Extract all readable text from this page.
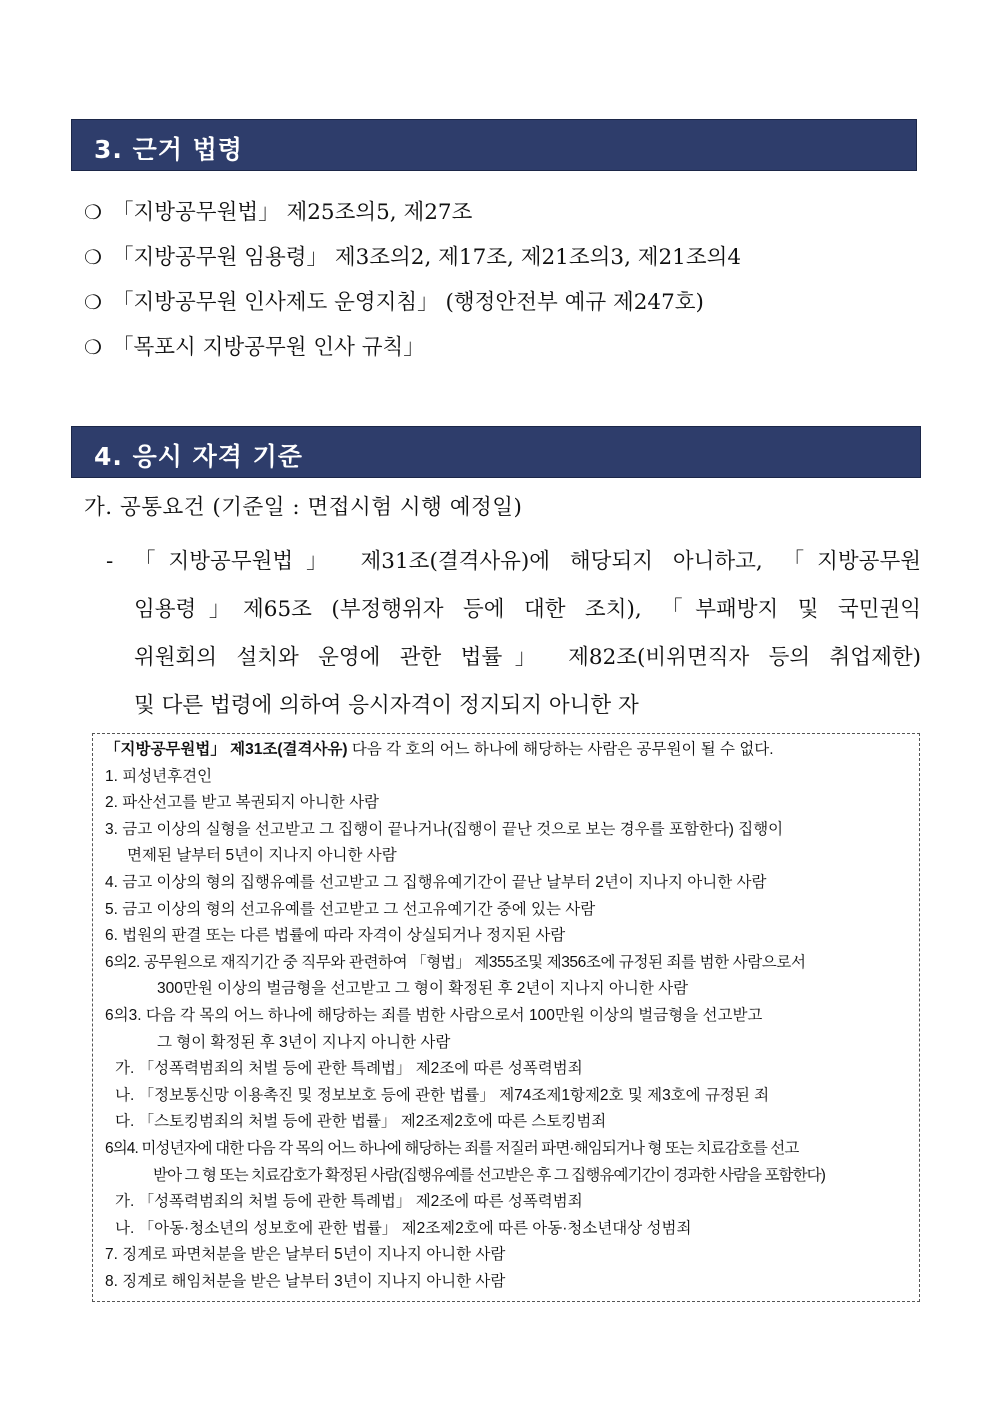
3. 근거 법령
❍ 「지방공무원법」 제25조의5, 제27조
❍ 「지방공무원 임용령」 제3조의2, 제17조, 제21조의3, 제21조의4
❍ 「지방공무원 인사제도 운영지침」 (행정안전부 예규 제247호)
❍ 「목포시 지방공무원 인사 규칙」
4. 응시 자격 기준
가. 공통요건 (기준일 : 면접시험 시행 예정일)
- 「지방공무원법」 제31조(결격사유)에 해당되지 아니하고, 「지방공무원
임용령」제65조 (부정행위자 등에 대한 조치), 「부패방지 및 국민권익
위원회의 설치와 운영에 관한 법률」 제82조(비위면직자 등의 취업제한)
및 다른 법령에 의하여 응시자격이 정지되지 아니한 자
「지방공무원법」 제31조(결격사유) 다음 각 호의 어느 하나에 해당하는 사람은 공무원이 될 수 없다.
1. 피성년후견인
2. 파산선고를 받고 복권되지 아니한 사람
3. 금고 이상의 실형을 선고받고 그 집행이 끝나거나(집행이 끝난 것으로 보는 경우를 포함한다) 집행이
면제된 날부터 5년이 지나지 아니한 사람
4. 금고 이상의 형의 집행유예를 선고받고 그 집행유예기간이 끝난 날부터 2년이 지나지 아니한 사람
5. 금고 이상의 형의 선고유예를 선고받고 그 선고유예기간 중에 있는 사람
6. 법원의 판결 또는 다른 법률에 따라 자격이 상실되거나 정지된 사람
6의2. 공무원으로 재직기간 중 직무와 관련하여 「형법」 제355조및 제356조에 규정된 죄를 범한 사람으로서
300만원 이상의 벌금형을 선고받고 그 형이 확정된 후 2년이 지나지 아니한 사람
6의3. 다음 각 목의 어느 하나에 해당하는 죄를 범한 사람으로서 100만원 이상의 벌금형을 선고받고
그 형이 확정된 후 3년이 지나지 아니한 사람
가. 「성폭력범죄의 처벌 등에 관한 특례법」 제2조에 따른 성폭력범죄
나. 「정보통신망 이용촉진 및 정보보호 등에 관한 법률」 제74조제1항제2호 및 제3호에 규정된 죄
다. 「스토킹범죄의 처벌 등에 관한 법률」 제2조제2호에 따른 스토킹범죄
6의4. 미성년자에 대한 다음 각 목의 어느 하나에 해당하는 죄를 저질러 파면·해임되거나 형 또는 치료감호를 선고
받아 그 형 또는 치료감호가 확정된 사람(집행유예를 선고받은 후 그 집행유예기간이 경과한 사람을 포함한다)
가. 「성폭력범죄의 처벌 등에 관한 특례법」 제2조에 따른 성폭력범죄
나. 「아동·청소년의 성보호에 관한 법률」 제2조제2호에 따른 아동·청소년대상 성범죄
7. 징계로 파면처분을 받은 날부터 5년이 지나지 아니한 사람
8. 징계로 해임처분을 받은 날부터 3년이 지나지 아니한 사람
